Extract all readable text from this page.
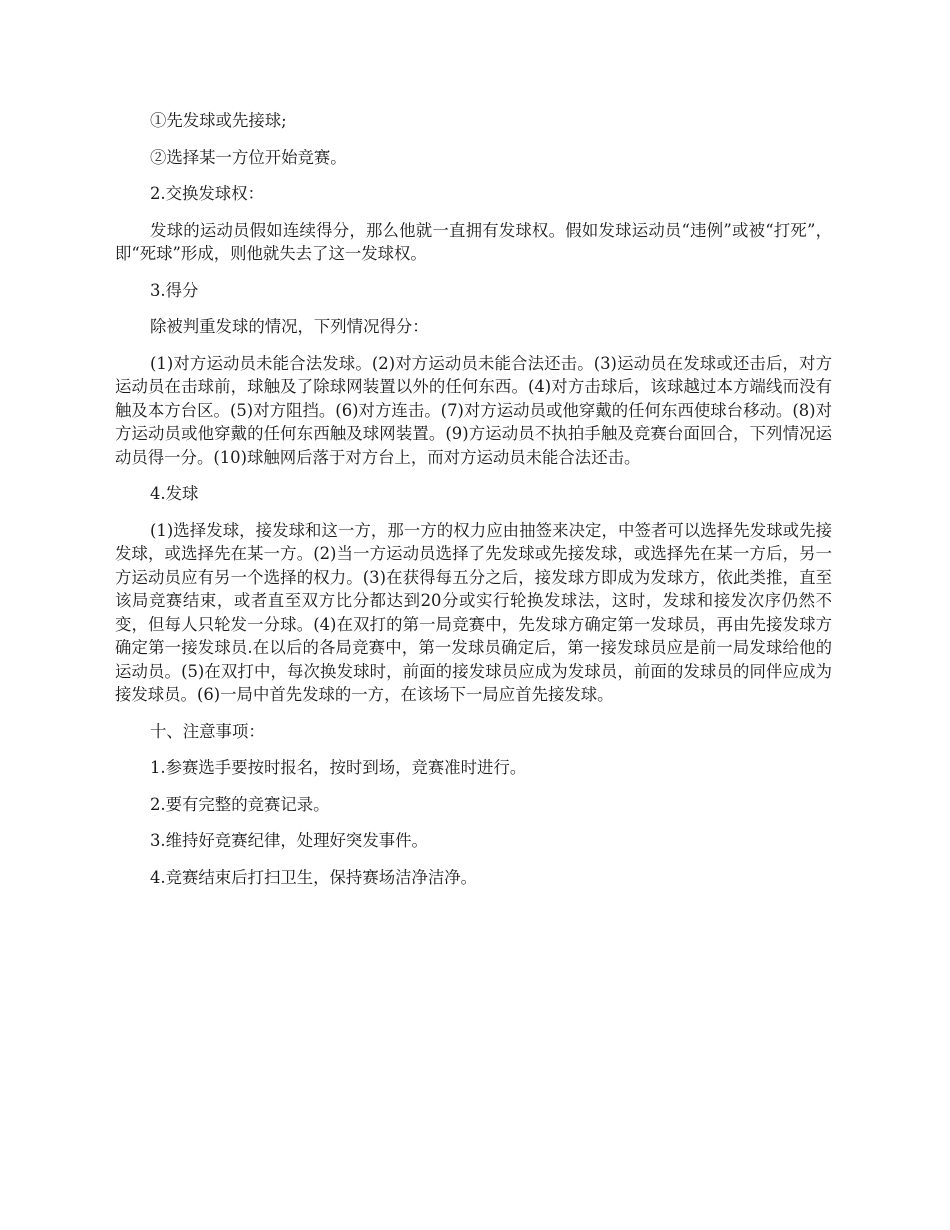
①先发球或先接球;

②选择某一方位开始竞赛。

2.交换发球权：

发球的运动员假如连续得分，那么他就一直拥有发球权。假如发球运动员“违例”或被“打死”，即“死球”形成，则他就失去了这一发球权。

3.得分

除被判重发球的情况，下列情况得分：

(1)对方运动员未能合法发球。(2)对方运动员未能合法还击。(3)运动员在发球或还击后，对方运动员在击球前，球触及了除球网装置以外的任何东西。(4)对方击球后，该球越过本方端线而没有触及本方台区。(5)对方阻挡。(6)对方连击。(7)对方运动员或他穿戴的任何东西使球台移动。(8)对方运动员或他穿戴的任何东西触及球网装置。(9)方运动员不执拍手触及竞赛台面回合，下列情况运动员得一分。(10)球触网后落于对方台上，而对方运动员未能合法还击。

4.发球

(1)选择发球，接发球和这一方，那一方的权力应由抽签来决定，中签者可以选择先发球或先接发球，或选择先在某一方。(2)当一方运动员选择了先发球或先接发球，或选择先在某一方后，另一方运动员应有另一个选择的权力。(3)在获得每五分之后，接发球方即成为发球方，依此类推，直至该局竞赛结束，或者直至双方比分都达到20分或实行轮换发球法，这时，发球和接发次序仍然不变，但每人只轮发一分球。(4)在双打的第一局竞赛中，先发球方确定第一发球员，再由先接发球方确定第一接发球员.在以后的各局竞赛中，第一发球员确定后，第一接发球员应是前一局发球给他的运动员。(5)在双打中，每次换发球时，前面的接发球员应成为发球员，前面的发球员的同伴应成为接发球员。(6)一局中首先发球的一方，在该场下一局应首先接发球。

十、注意事项：

1.参赛选手要按时报名，按时到场，竞赛准时进行。

2.要有完整的竞赛记录。

3.维持好竞赛纪律，处理好突发事件。

4.竞赛结束后打扫卫生，保持赛场洁净洁净。
